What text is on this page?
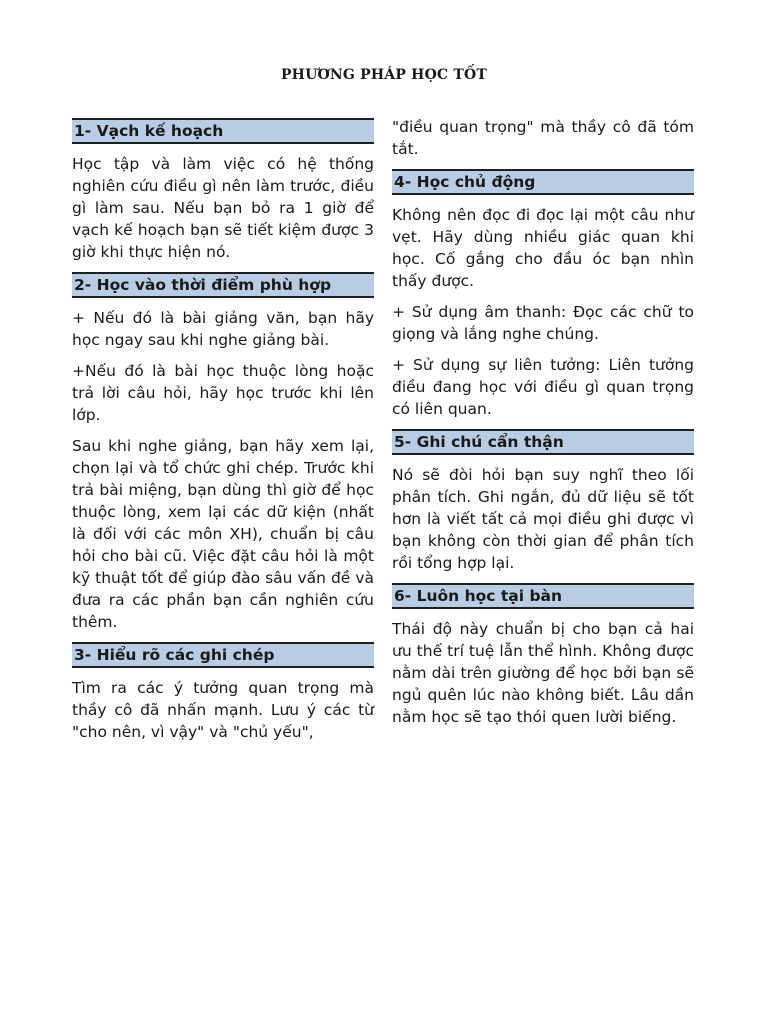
PHƯƠNG PHÁP HỌC TỐT
1- Vạch kế hoạch

Học tập và làm việc có hệ thống nghiên cứu điều gì nên làm trước, điều gì làm sau. Nếu bạn bỏ ra 1 giờ để vạch kế hoạch bạn sẽ tiết kiệm được 3 giờ khi thực hiện nó.

2- Học vào thời điểm phù hợp

+ Nếu đó là bài giảng văn, bạn hãy học ngay sau khi nghe giảng bài.

+Nếu đó là bài học thuộc lòng hoặc trả lời câu hỏi, hãy học trước khi lên lớp.

Sau khi nghe giảng, bạn hãy xem lại, chọn lại và tổ chức ghi chép. Trước khi trả bài miệng, bạn dùng thì giờ để học thuộc lòng, xem lại các dữ kiện (nhất là đối với các môn XH), chuẩn bị câu hỏi cho bài cũ. Việc đặt câu hỏi là một kỹ thuật tốt để giúp đào sâu vấn đề và đưa ra các phần bạn cần nghiên cứu thêm.

3- Hiểu rõ các ghi chép

Tìm ra các ý tưởng quan trọng mà thầy cô đã nhấn mạnh. Lưu ý các từ "cho nên, vì vậy" và "chủ yếu",

"điều quan trọng" mà thầy cô đã tóm tắt.

4- Học chủ động

Không nên đọc đi đọc lại một câu như vẹt. Hãy dùng nhiều giác quan khi học. Cố gắng cho đầu óc bạn nhìn thấy được.

+ Sử dụng âm thanh: Đọc các chữ to giọng và lắng nghe chúng.

+ Sử dụng sự liên tưởng: Liên tưởng điều đang học với điều gì quan trọng có liên quan.

5- Ghi chú cẩn thận

Nó sẽ đòi hỏi bạn suy nghĩ theo lối phân tích. Ghi ngắn, đủ dữ liệu sẽ tốt hơn là viết tất cả mọi điều ghi được vì bạn không còn thời gian để phân tích rồi tổng hợp lại.

6- Luôn học tại bàn

Thái độ này chuẩn bị cho bạn cả hai ưu thế trí tuệ lẫn thể hình. Không được nằm dài trên giường để học bởi bạn sẽ ngủ quên lúc nào không biết. Lâu dần nằm học sẽ tạo thói quen lười biếng.
